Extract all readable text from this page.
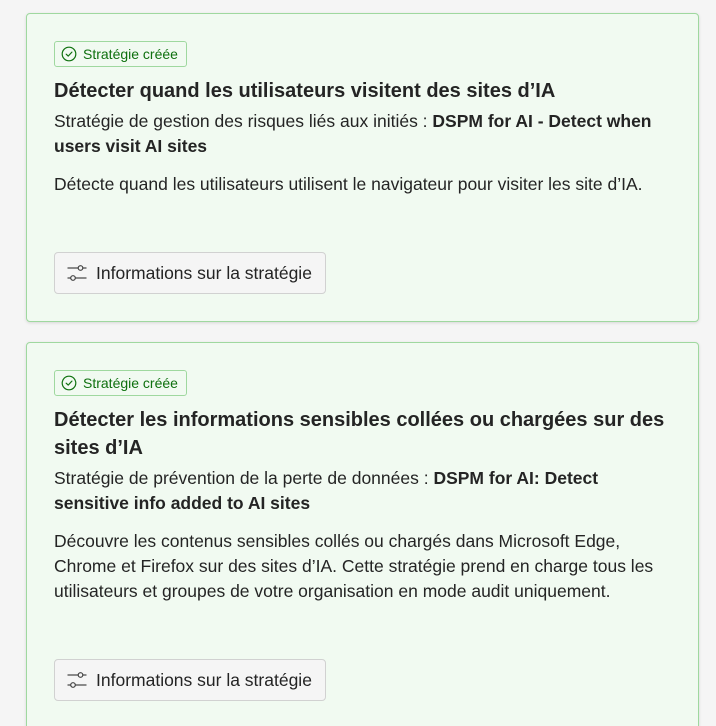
Stratégie créée
Détecter quand les utilisateurs visitent des sites d’IA
Stratégie de gestion des risques liés aux initiés : DSPM for AI - Detect when users visit AI sites
Détecte quand les utilisateurs utilisent le navigateur pour visiter les site d’IA.
Informations sur la stratégie
Stratégie créée
Détecter les informations sensibles collées ou chargées sur des sites d’IA
Stratégie de prévention de la perte de données : DSPM for AI: Detect sensitive info added to AI sites
Découvre les contenus sensibles collés ou chargés dans Microsoft Edge, Chrome et Firefox sur des sites d’IA. Cette stratégie prend en charge tous les utilisateurs et groupes de votre organisation en mode audit uniquement.
Informations sur la stratégie
